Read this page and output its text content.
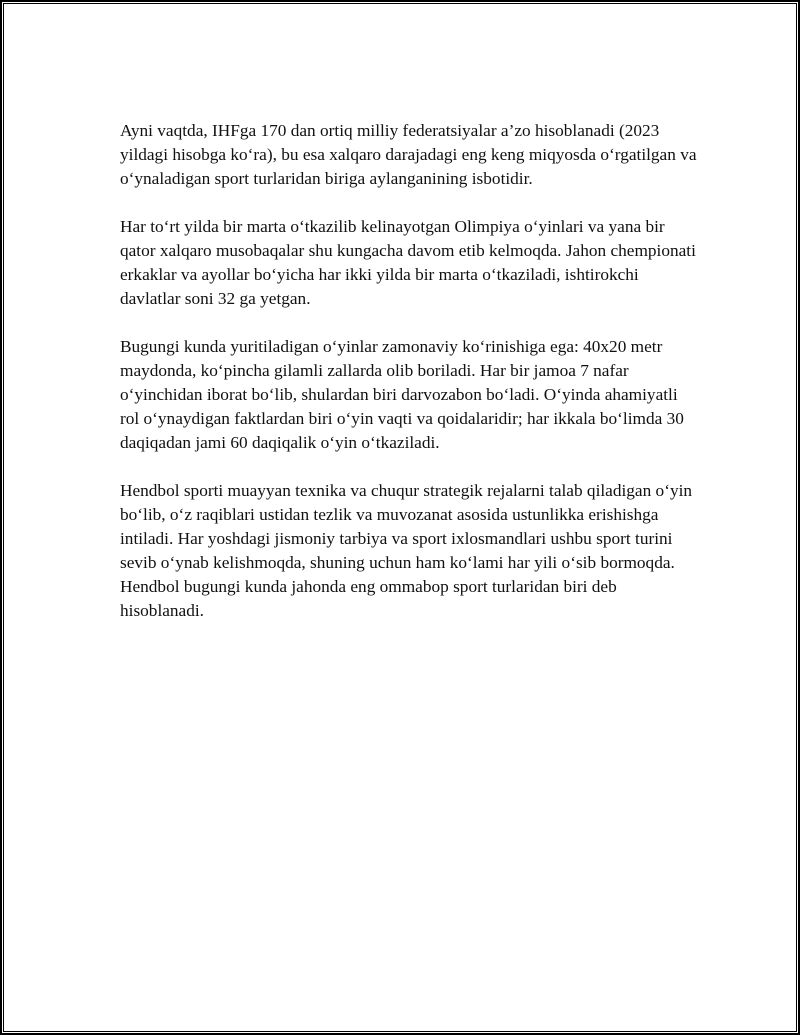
Ayni vaqtda, IHFga 170 dan ortiq milliy federatsiyalar a’zo hisoblanadi (2023 yildagi hisobga ko‘ra), bu esa xalqaro darajadagi eng keng miqyosda o‘rgatilgan va o‘ynaladigan sport turlaridan biriga aylanganining isbotidir.

Har to‘rt yilda bir marta o‘tkazilib kelinayotgan Olimpiya o‘yinlari va yana bir qator xalqaro musobaqalar shu kungacha davom etib kelmoqda. Jahon chempionati erkaklar va ayollar bo‘yicha har ikki yilda bir marta o‘tkaziladi, ishtirokchi davlatlar soni 32 ga yetgan.

Bugungi kunda yuritiladigan o‘yinlar zamonaviy ko‘rinishiga ega: 40x20 metr maydonda, ko‘pincha gilamli zallarda olib boriladi. Har bir jamoa 7 nafar o‘yinchidan iborat bo‘lib, shulardan biri darvozabon bo‘ladi. O‘yinda ahamiyatli rol o‘ynaydigan faktlardan biri o‘yin vaqti va qoidalaridir; har ikkala bo‘limda 30 daqiqadan jami 60 daqiqalik o‘yin o‘tkaziladi.

Hendbol sporti muayyan texnika va chuqur strategik rejalarni talab qiladigan o‘yin bo‘lib, o‘z raqiblari ustidan tezlik va muvozanat asosida ustunlikka erishishga intiladi. Har yoshdagi jismoniy tarbiya va sport ixlosmandlari ushbu sport turini sevib o‘ynab kelishmoqda, shuning uchun ham ko‘lami har yili o‘sib bormoqda. Hendbol bugungi kunda jahonda eng ommabop sport turlaridan biri deb hisoblanadi.
